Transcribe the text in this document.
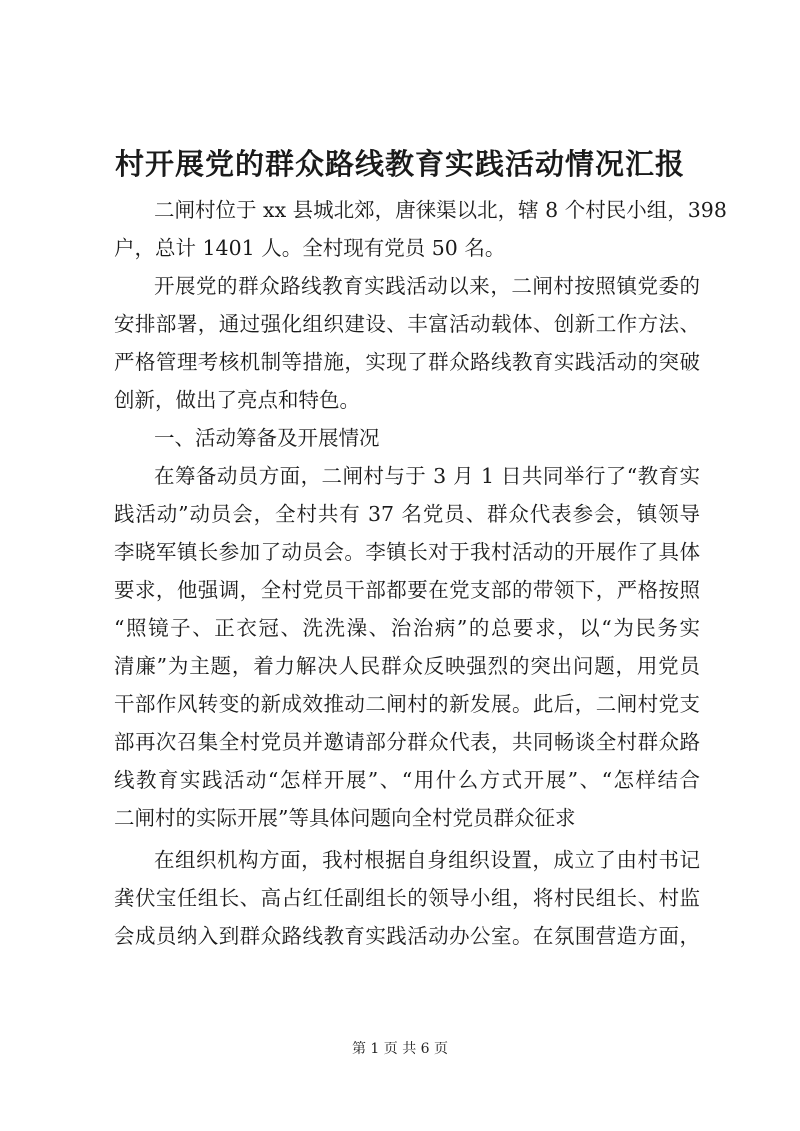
村开展党的群众路线教育实践活动情况汇报

二闸村位于 xx 县城北郊，唐徕渠以北，辖 8 个村民小组，398

户，总计 1401 人。全村现有党员 50 名。

开展党的群众路线教育实践活动以来，二闸村按照镇党委的

安排部署，通过强化组织建设、丰富活动载体、创新工作方法、

严格管理考核机制等措施，实现了群众路线教育实践活动的突破

创新，做出了亮点和特色。

一、活动筹备及开展情况

在筹备动员方面，二闸村与于 3 月 1 日共同举行了“教育实

践活动”动员会，全村共有 37 名党员、群众代表参会，镇领导

李晓军镇长参加了动员会。李镇长对于我村活动的开展作了具体

要求，他强调，全村党员干部都要在党支部的带领下，严格按照

“照镜子、正衣冠、洗洗澡、治治病”的总要求，以“为民务实

清廉”为主题，着力解决人民群众反映强烈的突出问题，用党员

干部作风转变的新成效推动二闸村的新发展。此后，二闸村党支

部再次召集全村党员并邀请部分群众代表，共同畅谈全村群众路

线教育实践活动“怎样开展”、“用什么方式开展”、“怎样结合

二闸村的实际开展”等具体问题向全村党员群众征求

在组织机构方面，我村根据自身组织设置，成立了由村书记

龚伏宝任组长、高占红任副组长的领导小组，将村民组长、村监

会成员纳入到群众路线教育实践活动办公室。在氛围营造方面，

第 1 页 共 6 页
